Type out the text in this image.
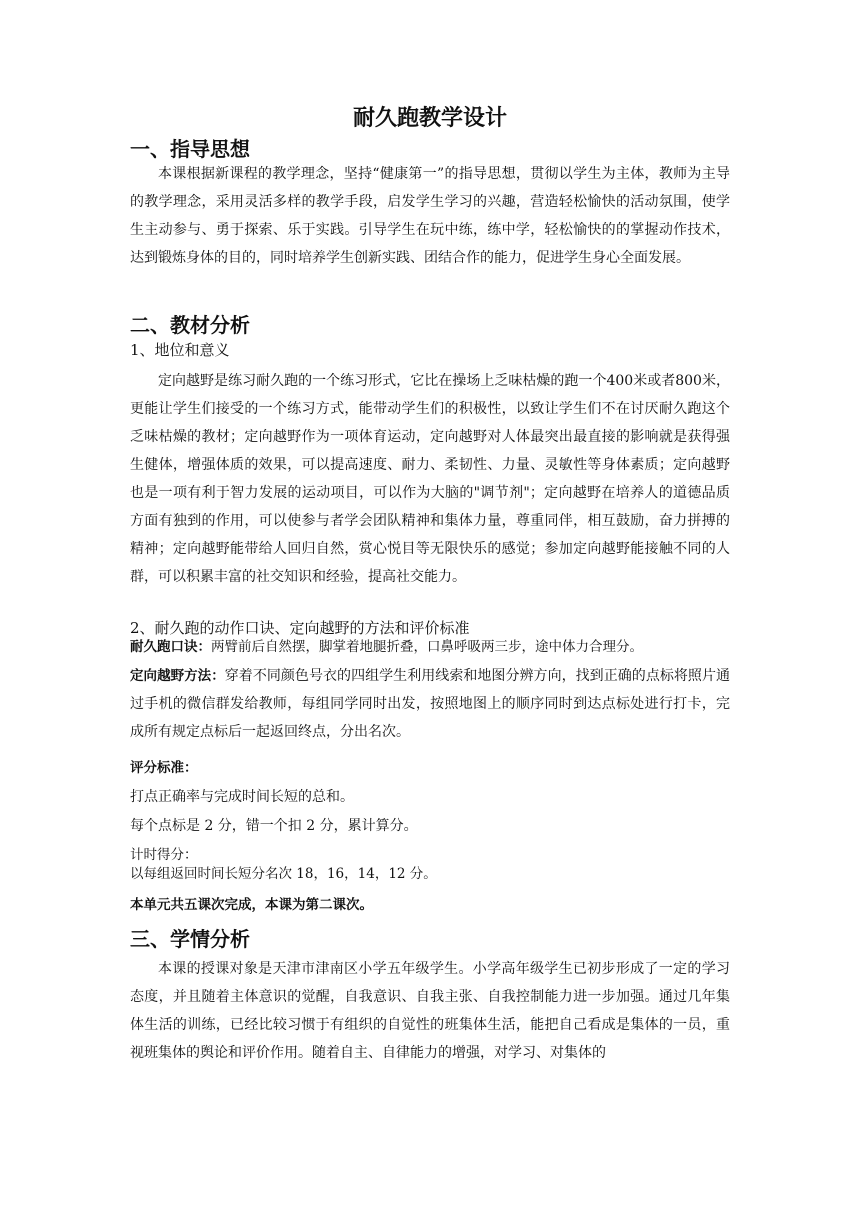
耐久跑教学设计
一、指导思想

本课根据新课程的教学理念，坚持“健康第一”的指导思想，贯彻以学生为主体，教师为主导的教学理念，采用灵活多样的教学手段，启发学生学习的兴趣，营造轻松愉快的活动氛围，使学生主动参与、勇于探索、乐于实践。引导学生在玩中练，练中学，轻松愉快的的掌握动作技术，达到锻炼身体的目的，同时培养学生创新实践、团结合作的能力，促进学生身心全面发展。

二、教材分析
1、地位和意义

定向越野是练习耐久跑的一个练习形式，它比在操场上乏味枯燥的跑一个400米或者800米，更能让学生们接受的一个练习方式，能带动学生们的积极性，以致让学生们不在讨厌耐久跑这个乏味枯燥的教材；定向越野作为一项体育运动，定向越野对人体最突出最直接的影响就是获得强生健体，增强体质的效果，可以提高速度、耐力、柔韧性、力量、灵敏性等身体素质；定向越野也是一项有利于智力发展的运动项目，可以作为大脑的"调节剂"；定向越野在培养人的道德品质方面有独到的作用，可以使参与者学会团队精神和集体力量，尊重同伴，相互鼓励，奋力拼搏的精神；定向越野能带给人回归自然，赏心悦目等无限快乐的感觉；参加定向越野能接触不同的人群，可以积累丰富的社交知识和经验，提高社交能力。

2、耐久跑的动作口诀、定向越野的方法和评价标准
耐久跑口诀：两臂前后自然摆，脚掌着地腿折叠，口鼻呼吸两三步，途中体力合理分。

定向越野方法：穿着不同颜色号衣的四组学生利用线索和地图分辨方向，找到正确的点标将照片通过手机的微信群发给教师，每组同学同时出发，按照地图上的顺序同时到达点标处进行打卡，完成所有规定点标后一起返回终点，分出名次。

评分标准：
打点正确率与完成时间长短的总和。
每个点标是 2 分，错一个扣 2 分，累计算分。
计时得分：
以每组返回时间长短分名次 18，16，14，12 分。
本单元共五课次完成，本课为第二课次。
三、学情分析

本课的授课对象是天津市津南区小学五年级学生。小学高年级学生已初步形成了一定的学习态度，并且随着主体意识的觉醒，自我意识、自我主张、自我控制能力进一步加强。通过几年集体生活的训练，已经比较习惯于有组织的自觉性的班集体生活，能把自己看成是集体的一员，重视班集体的舆论和评价作用。随着自主、自律能力的增强，对学习、对集体的
